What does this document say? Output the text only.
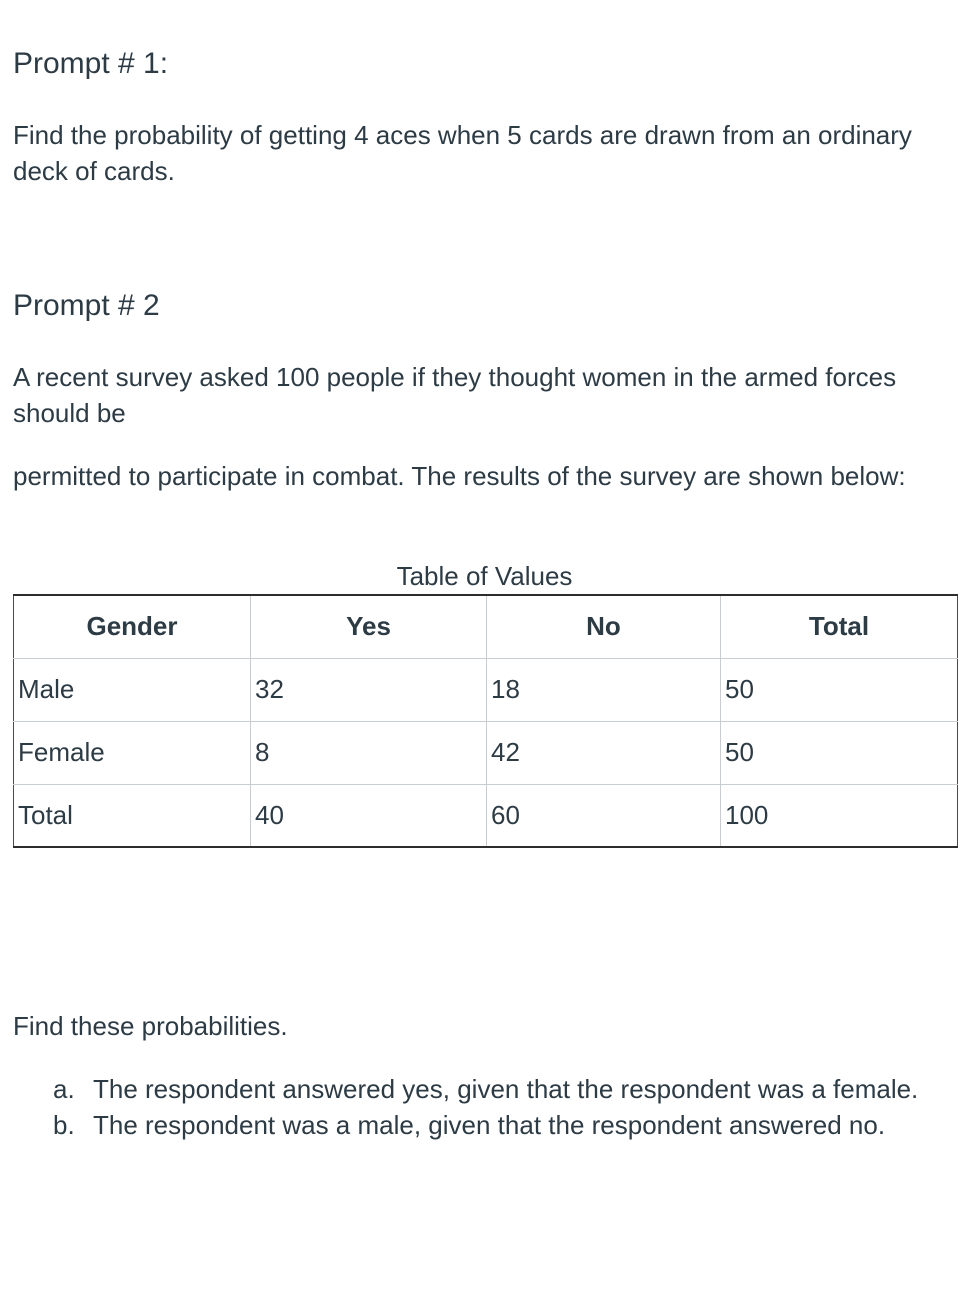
Prompt # 1:

Find the probability of getting 4 aces when 5 cards are drawn from an ordinary deck of cards.

Prompt # 2

A recent survey asked 100 people if they thought women in the armed forces should be

permitted to participate in combat. The results of the survey are shown below:

Table of Values
Gender	Yes	No	Total
Male	32	18	50
Female	8	42	50
Total	40	60	100

Find these probabilities.

a. The respondent answered yes, given that the respondent was a female.
b. The respondent was a male, given that the respondent answered no.
